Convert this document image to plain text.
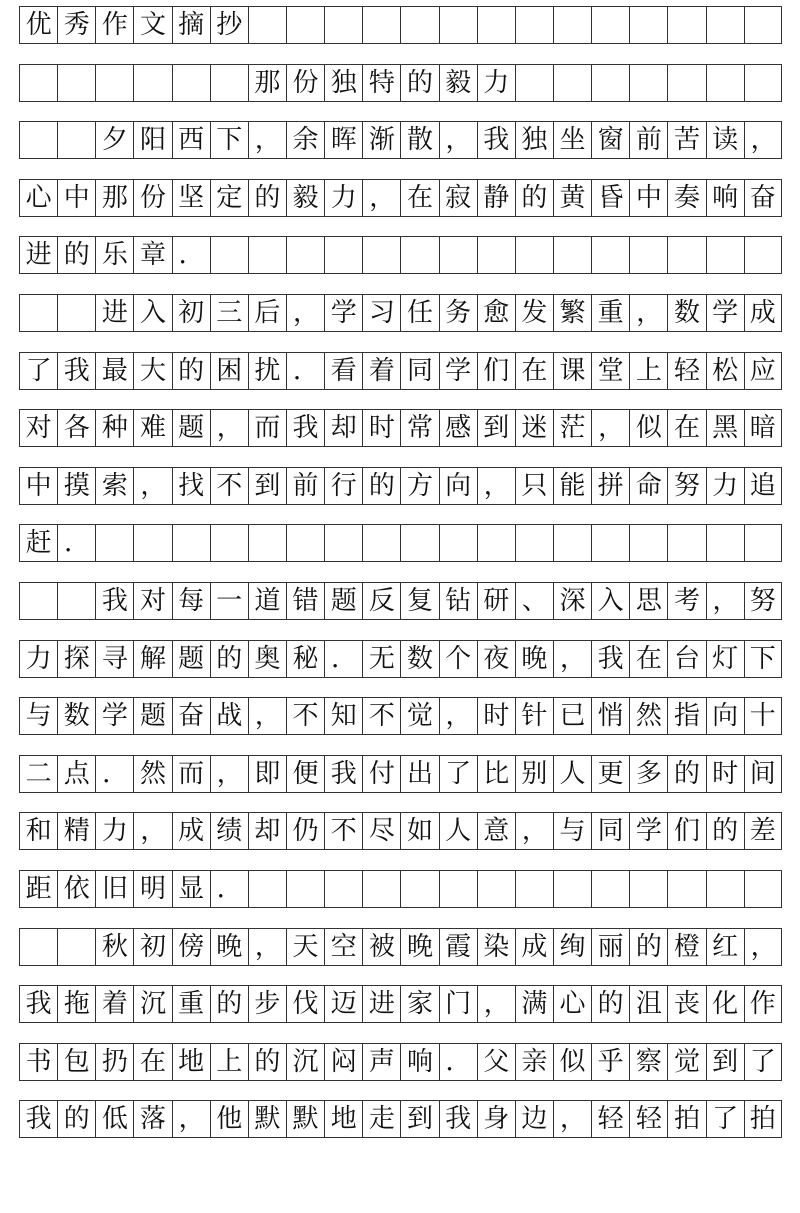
优 秀 作 文 摘 抄
那 份 独 特 的 毅 力
夕 阳 西 下 ， 余 晖 渐 散 ， 我 独 坐 窗 前 苦 读 ，
心 中 那 份 坚 定 的 毅 力 ， 在 寂 静 的 黄 昏 中 奏 响 奋
进 的 乐 章 ．
进 入 初 三 后 ， 学 习 任 务 愈 发 繁 重 ， 数 学 成
了 我 最 大 的 困 扰 ． 看 着 同 学 们 在 课 堂 上 轻 松 应
对 各 种 难 题 ， 而 我 却 时 常 感 到 迷 茫 ， 似 在 黑 暗
中 摸 索 ， 找 不 到 前 行 的 方 向 ， 只 能 拼 命 努 力 追
赶 ．
我 对 每 一 道 错 题 反 复 钻 研 、 深 入 思 考 ， 努
力 探 寻 解 题 的 奥 秘 ． 无 数 个 夜 晚 ， 我 在 台 灯 下
与 数 学 题 奋 战 ， 不 知 不 觉 ， 时 针 已 悄 然 指 向 十
二 点 ． 然 而 ， 即 便 我 付 出 了 比 别 人 更 多 的 时 间
和 精 力 ， 成 绩 却 仍 不 尽 如 人 意 ， 与 同 学 们 的 差
距 依 旧 明 显 ．
秋 初 傍 晚 ， 天 空 被 晚 霞 染 成 绚 丽 的 橙 红 ，
我 拖 着 沉 重 的 步 伐 迈 进 家 门 ， 满 心 的 沮 丧 化 作
书 包 扔 在 地 上 的 沉 闷 声 响 ． 父 亲 似 乎 察 觉 到 了
我 的 低 落 ， 他 默 默 地 走 到 我 身 边 ， 轻 轻 拍 了 拍
